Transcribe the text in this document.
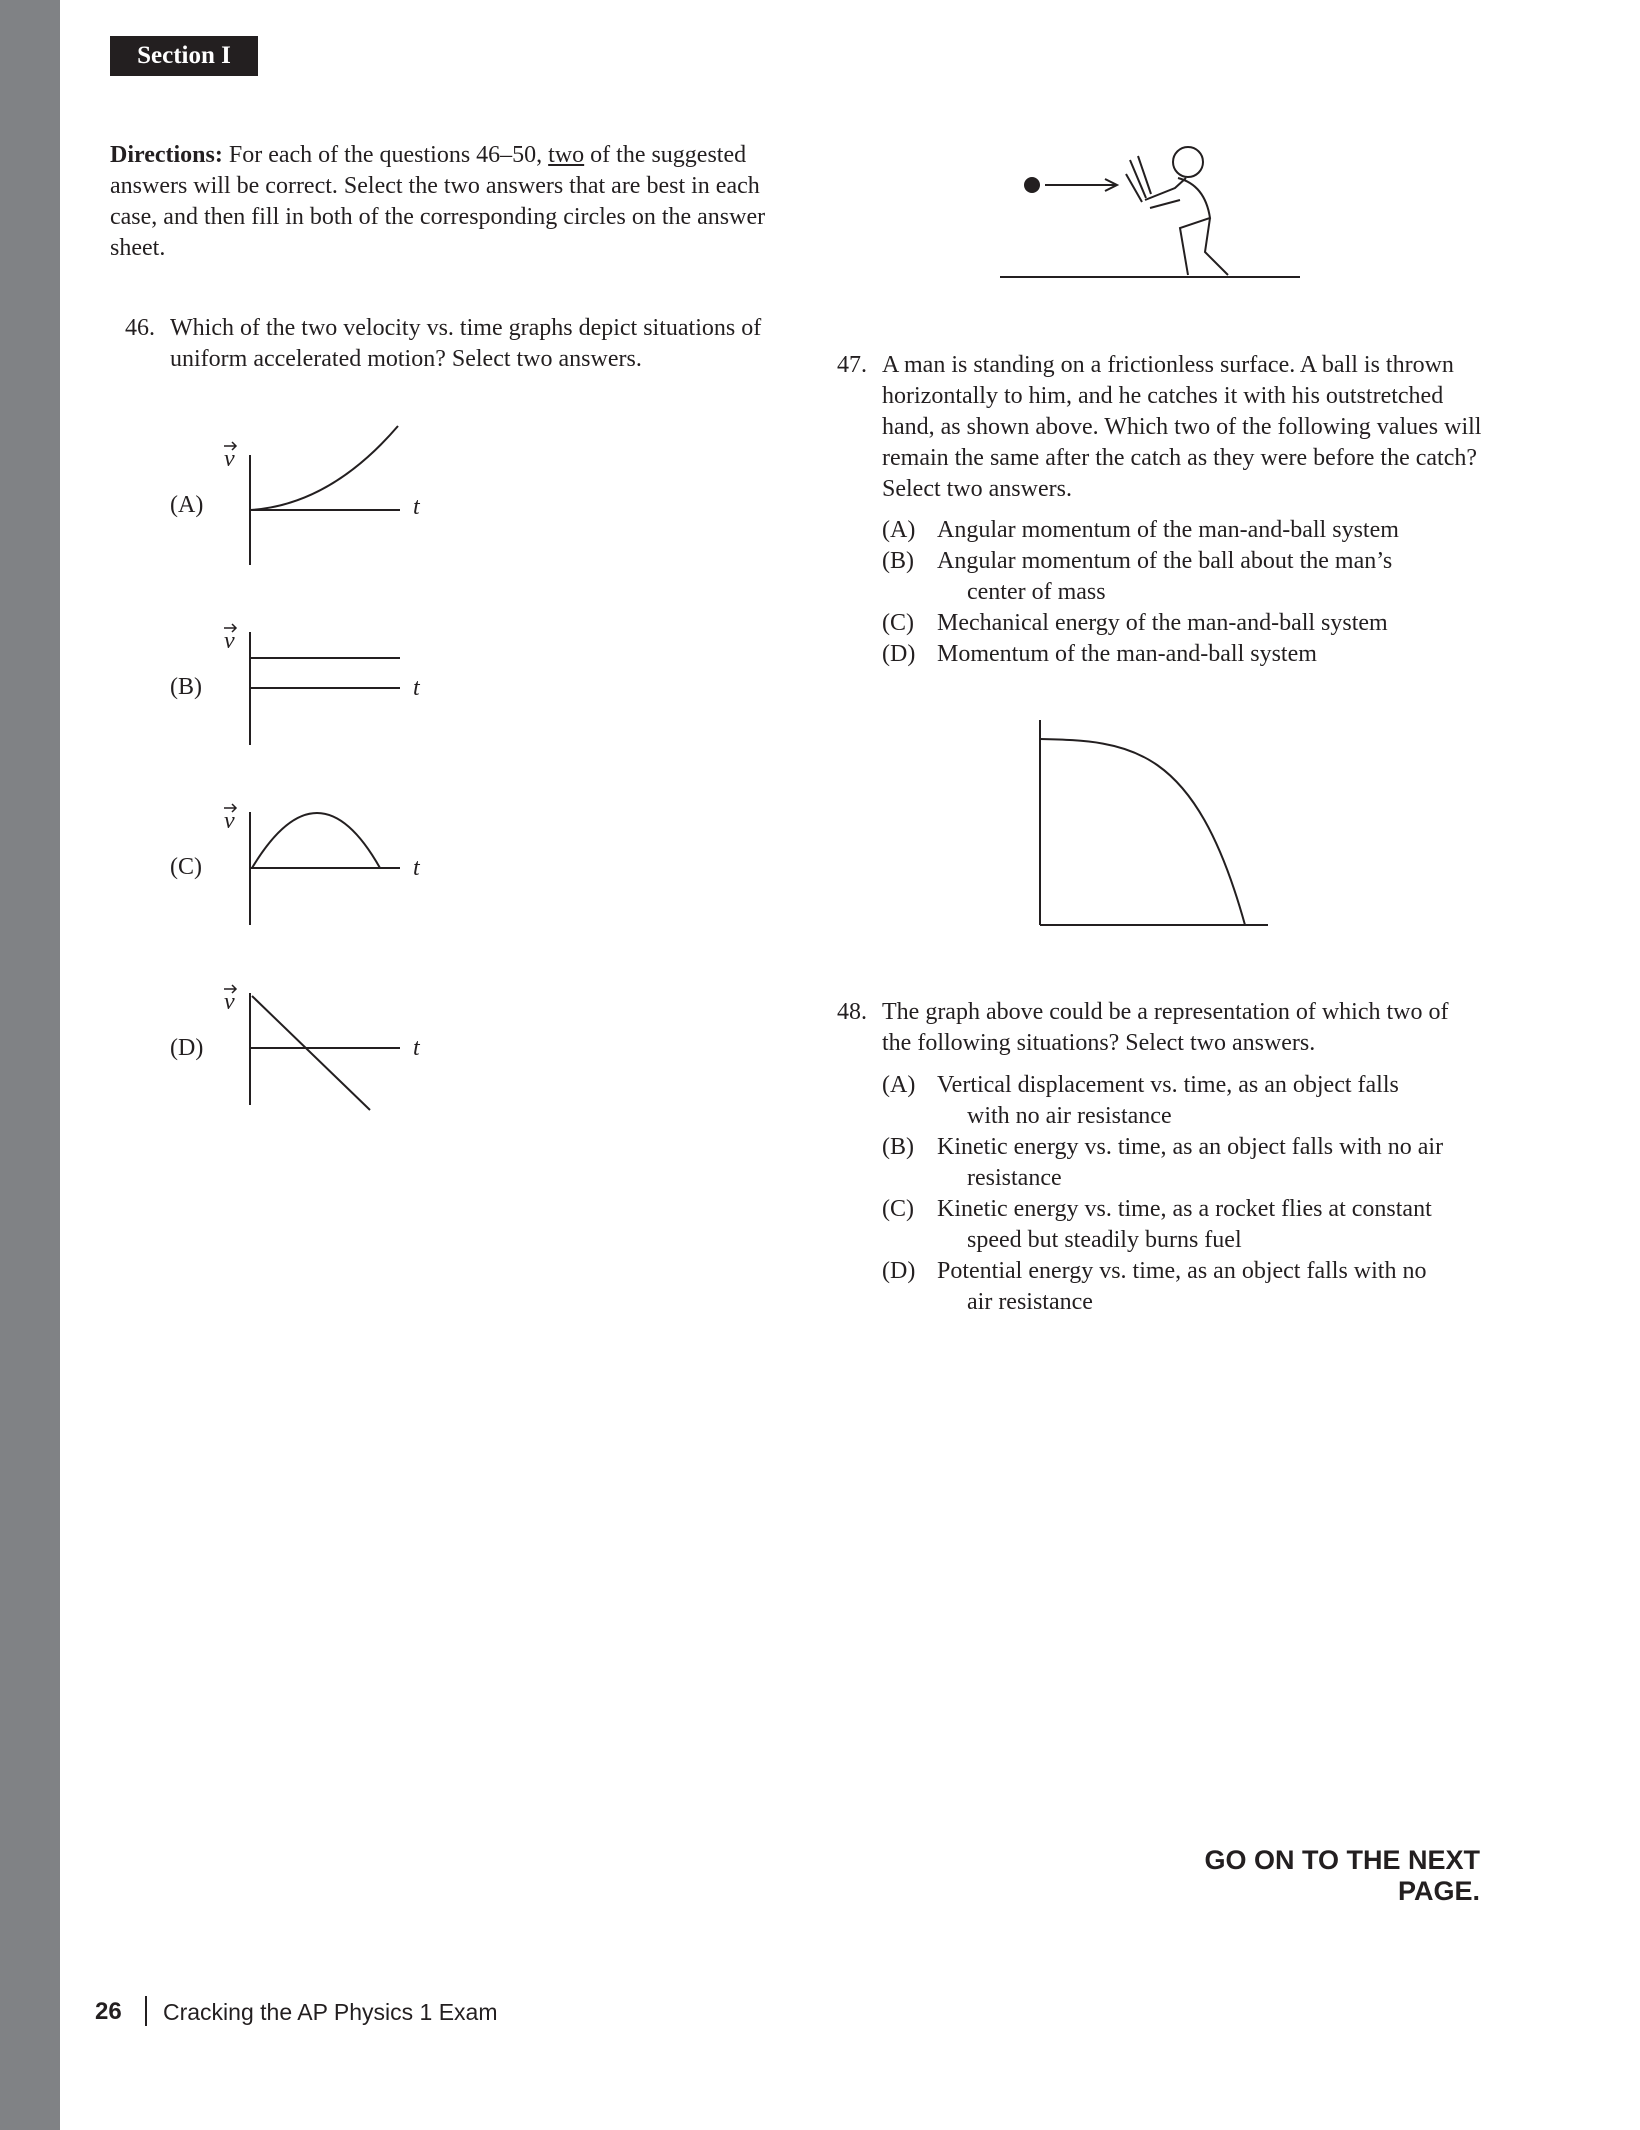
Section I

Directions: For each of the questions 46–50, two of the suggested answers will be correct. Select the two answers that are best in each case, and then fill in both of the corresponding circles on the answer sheet.

46. Which of the two velocity vs. time graphs depict situations of uniform accelerated motion? Select two answers.

(A)
v
t
(B)
v
t
(C)
v
t
(D)
v
t
47. A man is standing on a frictionless surface. A ball is thrown horizontally to him, and he catches it with his outstretched hand, as shown above. Which two of the following values will remain the same after the catch as they were before the catch? Select two answers.

(A) Angular momentum of the man-and-ball system
(B) Angular momentum of the ball about the man’s
center of mass
(C) Mechanical energy of the man-and-ball system
(D) Momentum of the man-and-ball system
48. The graph above could be a representation of which two of the following situations? Select two answers.

(A) Vertical displacement vs. time, as an object falls
with no air resistance
(B) Kinetic energy vs. time, as an object falls with no air
resistance
(C) Kinetic energy vs. time, as a rocket flies at constant
speed but steadily burns fuel
(D) Potential energy vs. time, as an object falls with no
air resistance
GO ON TO THE NEXT PAGE.
26 Cracking the AP Physics 1 Exam
